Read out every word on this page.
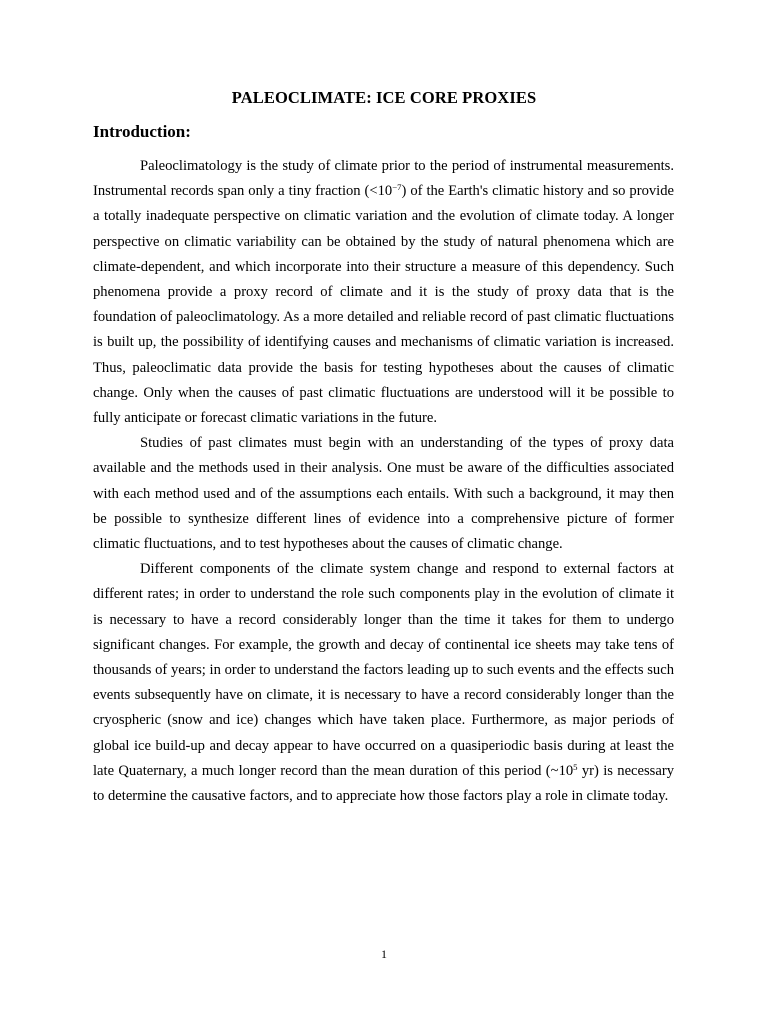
PALEOCLIMATE: ICE CORE PROXIES
Introduction:

Paleoclimatology is the study of climate prior to the period of instrumental measurements. Instrumental records span only a tiny fraction $(<10^{-7})$ of the Earth's climatic history and so provide a totally inadequate perspective on climatic variation and the evolution of climate today. A longer perspective on climatic variability can be obtained by the study of natural phenomena which are climate-dependent, and which incorporate into their structure a measure of this dependency. Such phenomena provide a proxy record of climate and it is the study of proxy data that is the foundation of paleoclimatology. As a more detailed and reliable record of past climatic fluctuations is built up, the possibility of identifying causes and mechanisms of climatic variation is increased. Thus, paleoclimatic data provide the basis for testing hypotheses about the causes of climatic change. Only when the causes of past climatic fluctuations are understood will it be possible to fully anticipate or forecast climatic variations in the future.

Studies of past climates must begin with an understanding of the types of proxy data available and the methods used in their analysis. One must be aware of the difficulties associated with each method used and of the assumptions each entails. With such a background, it may then be possible to synthesize different lines of evidence into a comprehensive picture of former climatic fluctuations, and to test hypotheses about the causes of climatic change.

Different components of the climate system change and respond to external factors at different rates; in order to understand the role such components play in the evolution of climate it is necessary to have a record considerably longer than the time it takes for them to undergo significant changes. For example, the growth and decay of continental ice sheets may take tens of thousands of years; in order to understand the factors leading up to such events and the effects such events subsequently have on climate, it is necessary to have a record considerably longer than the cryospheric (snow and ice) changes which have taken place. Furthermore, as major periods of global ice build-up and decay appear to have occurred on a quasiperiodic basis during at least the late Quaternary, a much longer record than the mean duration of this period ($\sim 10^5$ yr) is necessary to determine the causative factors, and to appreciate how those factors play a role in climate today.

1
